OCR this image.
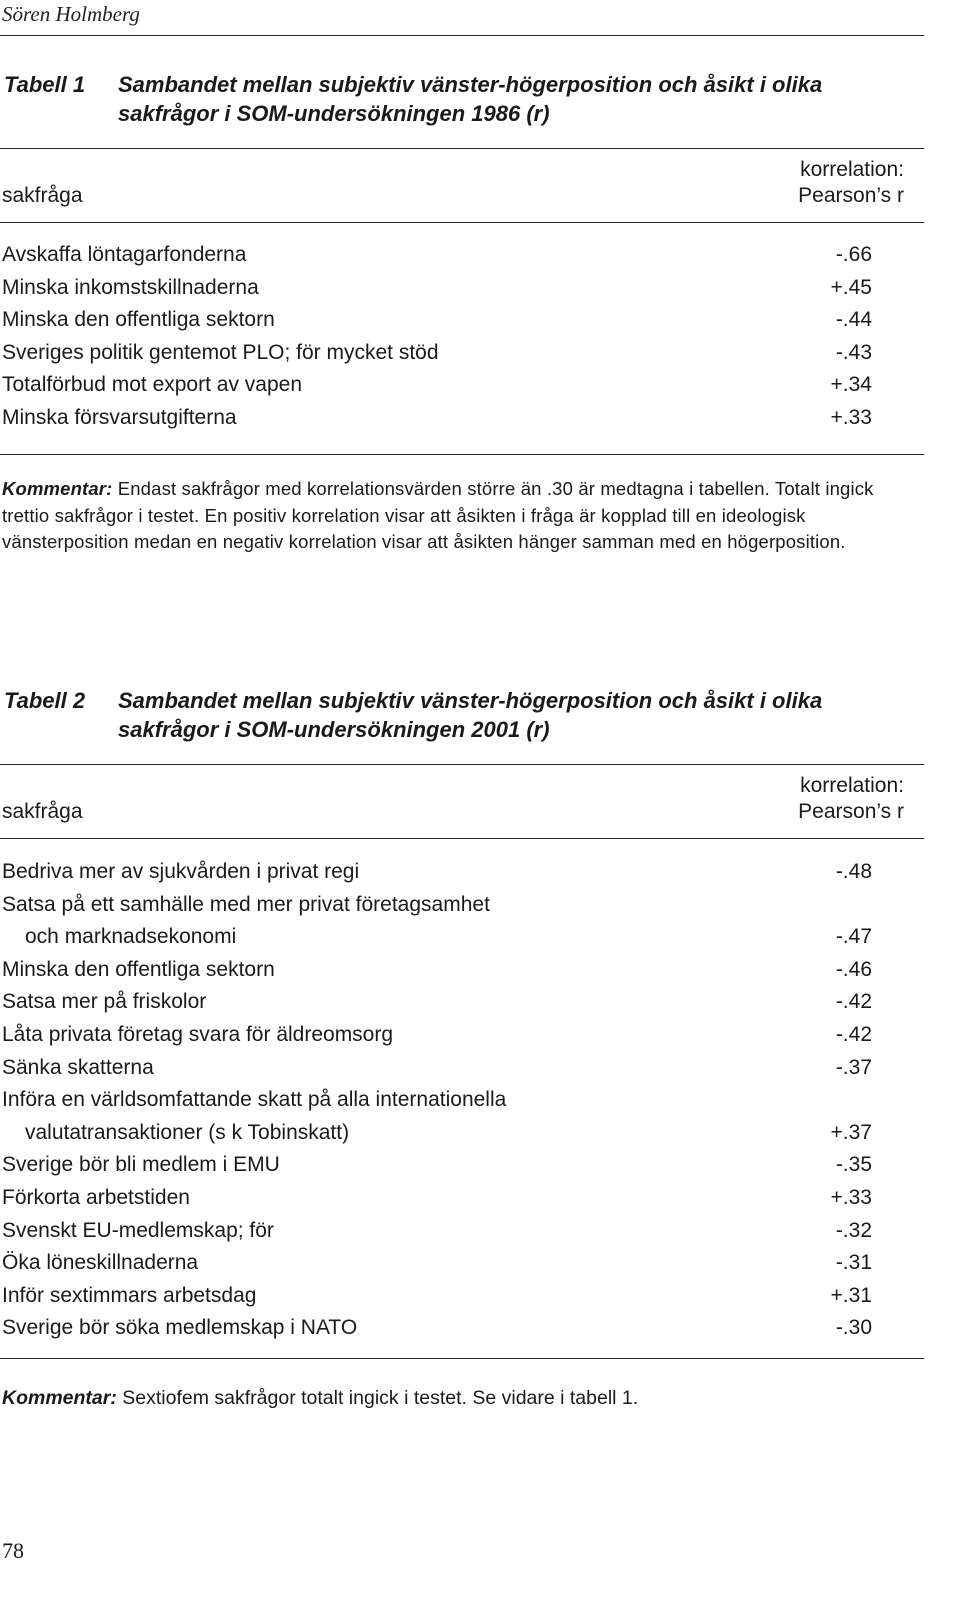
Sören Holmberg
Tabell 1 Sambandet mellan subjektiv vänster-högerposition och åsikt i olika sakfrågor i SOM-undersökningen 1986 (r)
korrelation:
sakfråga	Pearson’s r
Avskaffa löntagarfonderna	-.66
Minska inkomstskillnaderna	+.45
Minska den offentliga sektorn	-.44
Sveriges politik gentemot PLO; för mycket stöd	-.43
Totalförbud mot export av vapen	+.34
Minska försvarsutgifterna	+.33
Kommentar: Endast sakfrågor med korrelationsvärden större än .30 är medtagna i tabellen. Totalt ingick trettio sakfrågor i testet. En positiv korrelation visar att åsikten i fråga är kopplad till en ideologisk vänsterposition medan en negativ korrelation visar att åsikten hänger samman med en högerposition.
Tabell 2 Sambandet mellan subjektiv vänster-högerposition och åsikt i olika sakfrågor i SOM-undersökningen 2001 (r)
korrelation:
sakfråga	Pearson’s r
Bedriva mer av sjukvården i privat regi	-.48
Satsa på ett samhälle med mer privat företagsamhet
och marknadsekonomi	-.47
Minska den offentliga sektorn	-.46
Satsa mer på friskolor	-.42
Låta privata företag svara för äldreomsorg	-.42
Sänka skatterna	-.37
Införa en världsomfattande skatt på alla internationella
valutatransaktioner (s k Tobinskatt)	+.37
Sverige bör bli medlem i EMU	-.35
Förkorta arbetstiden	+.33
Svenskt EU-medlemskap; för	-.32
Öka löneskillnaderna	-.31
Inför sextimmars arbetsdag	+.31
Sverige bör söka medlemskap i NATO	-.30
Kommentar: Sextiofem sakfrågor totalt ingick i testet. Se vidare i tabell 1.
78
